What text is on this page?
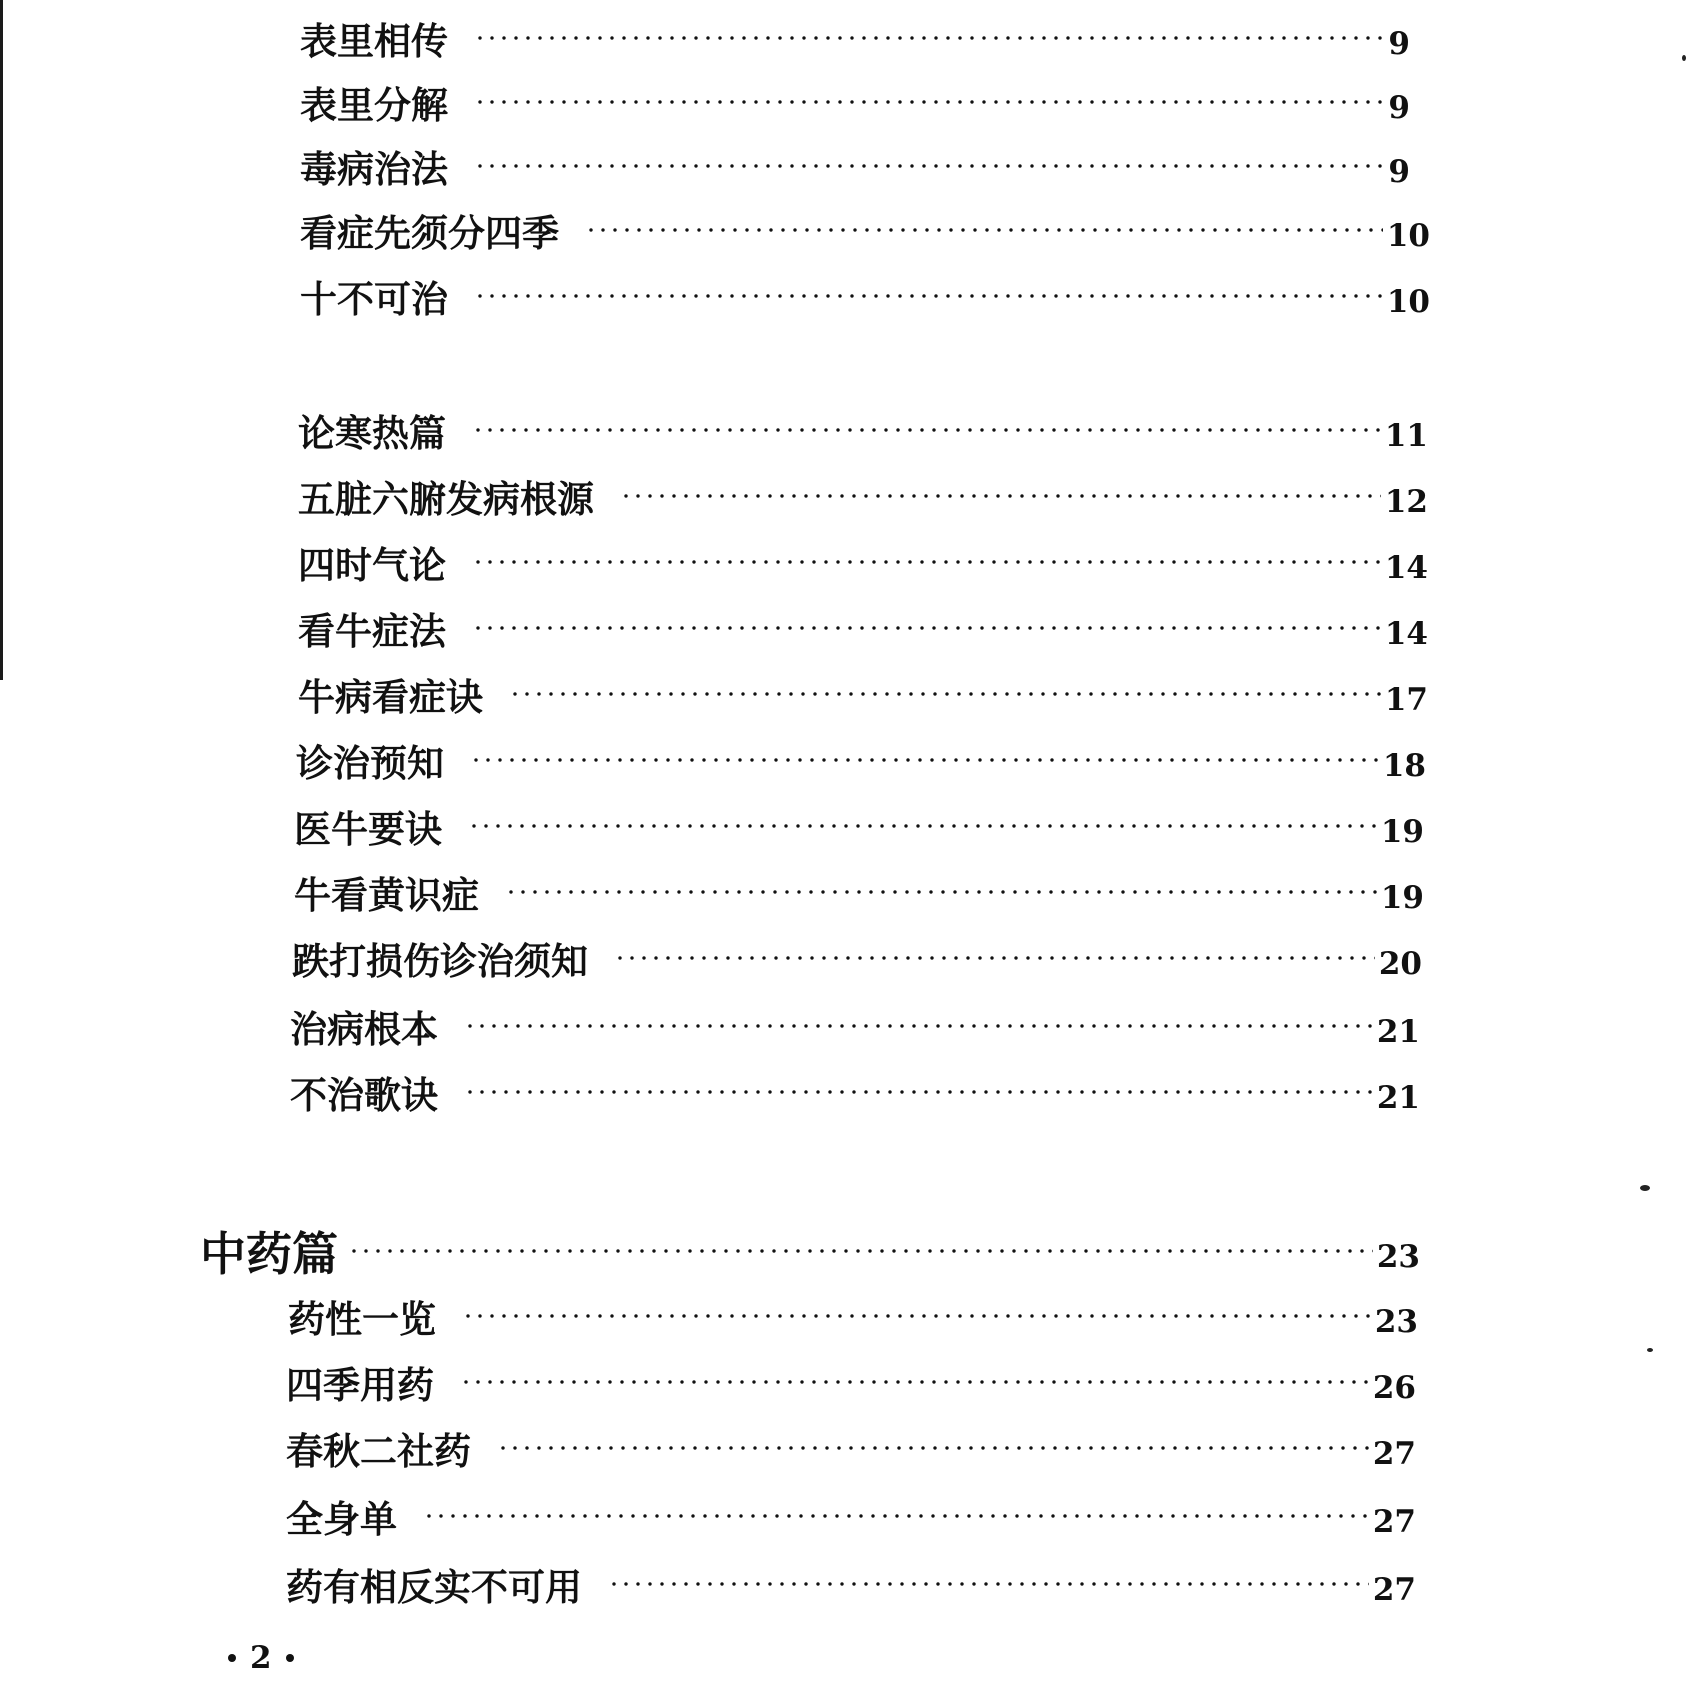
表里相传	9
表里分解	9
毒病治法	9
看症先须分四季	10
十不可治	10
论寒热篇	11
五脏六腑发病根源	12
四时气论	14
看牛症法	14
牛病看症诀	17
诊治预知	18
医牛要诀	19
牛看黄识症	19
跌打损伤诊治须知	20
治病根本	21
不治歌诀	21
中药篇	23
药性一览	23
四季用药	26
春秋二社药	27
全身单	27
药有相反实不可用	27
2
